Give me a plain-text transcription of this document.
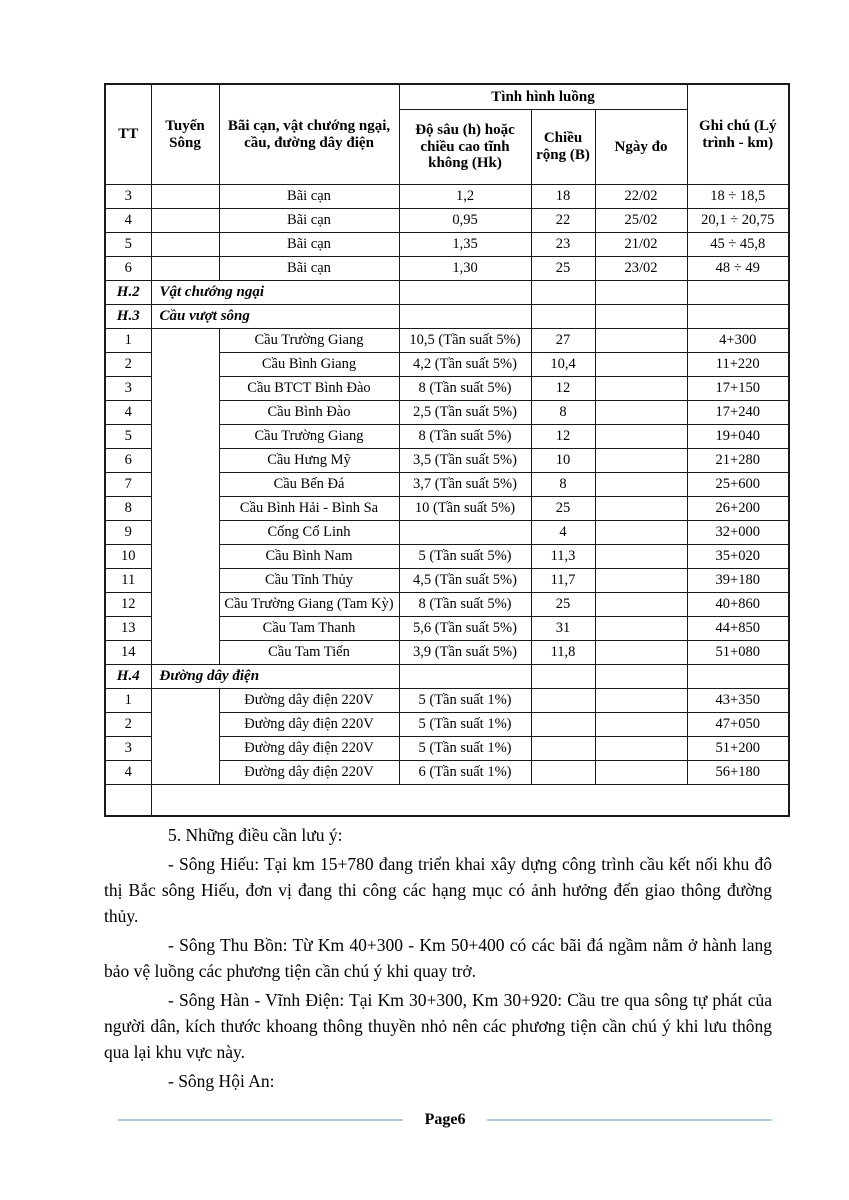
TT	Tuyến Sông	Bãi cạn, vật chướng ngại, cầu, đường dây điện	Tình hình luồng			Ghi chú (Lý trình - km)
			Độ sâu (h) hoặc chiều cao tĩnh không (Hk)	Chiều rộng (B)	Ngày đo	
3		Bãi cạn	1,2	18	22/02	18 ÷ 18,5
4		Bãi cạn	0,95	22	25/02	20,1 ÷ 20,75
5		Bãi cạn	1,35	23	21/02	45 ÷ 45,8
6		Bãi cạn	1,30	25	23/02	48 ÷ 49
H.2	Vật chướng ngại					
H.3	Cầu vượt sông					
1		Cầu Trường Giang	10,5 (Tần suất 5%)	27		4+300
2		Cầu Bình Giang	4,2 (Tần suất 5%)	10,4		11+220
3		Cầu BTCT Bình Đào	8 (Tần suất 5%)	12		17+150
4		Cầu Bình Đào	2,5 (Tần suất 5%)	8		17+240
5		Cầu Trường Giang	8 (Tần suất 5%)	12		19+040
6		Cầu Hưng Mỹ	3,5 (Tần suất 5%)	10		21+280
7		Cầu Bến Đá	3,7 (Tần suất 5%)	8		25+600
8		Cầu Bình Hải - Bình Sa	10 (Tần suất 5%)	25		26+200
9		Cống Cổ Linh		4		32+000
10		Cầu Bình Nam	5 (Tần suất 5%)	11,3		35+020
11		Cầu Tĩnh Thủy	4,5 (Tần suất 5%)	11,7		39+180
12		Cầu Trường Giang (Tam Kỳ)	8 (Tần suất 5%)	25		40+860
13		Cầu Tam Thanh	5,6 (Tần suất 5%)	31		44+850
14		Cầu Tam Tiến	3,9 (Tần suất 5%)	11,8		51+080
H.4	Đường dây điện					
1		Đường dây điện 220V	5 (Tần suất 1%)			43+350
2		Đường dây điện 220V	5 (Tần suất 1%)			47+050
3		Đường dây điện 220V	5 (Tần suất 1%)			51+200
4		Đường dây điện 220V	6 (Tần suất 1%)			56+180

5. Những điều cần lưu ý:

- Sông Hiếu: Tại km 15+780 đang triển khai xây dựng công trình cầu kết nối khu đô thị Bắc sông Hiếu, đơn vị đang thi công các hạng mục có ảnh hưởng đến giao thông đường thủy.

- Sông Thu Bồn: Từ Km 40+300 - Km 50+400 có các bãi đá ngầm nằm ở hành lang bảo vệ luồng các phương tiện cần chú ý khi quay trở.

- Sông Hàn - Vĩnh Điện: Tại Km 30+300, Km 30+920: Cầu tre qua sông tự phát của người dân, kích thước khoang thông thuyền nhỏ nên các phương tiện cần chú ý khi lưu thông qua lại khu vực này.

- Sông Hội An:

Page6
